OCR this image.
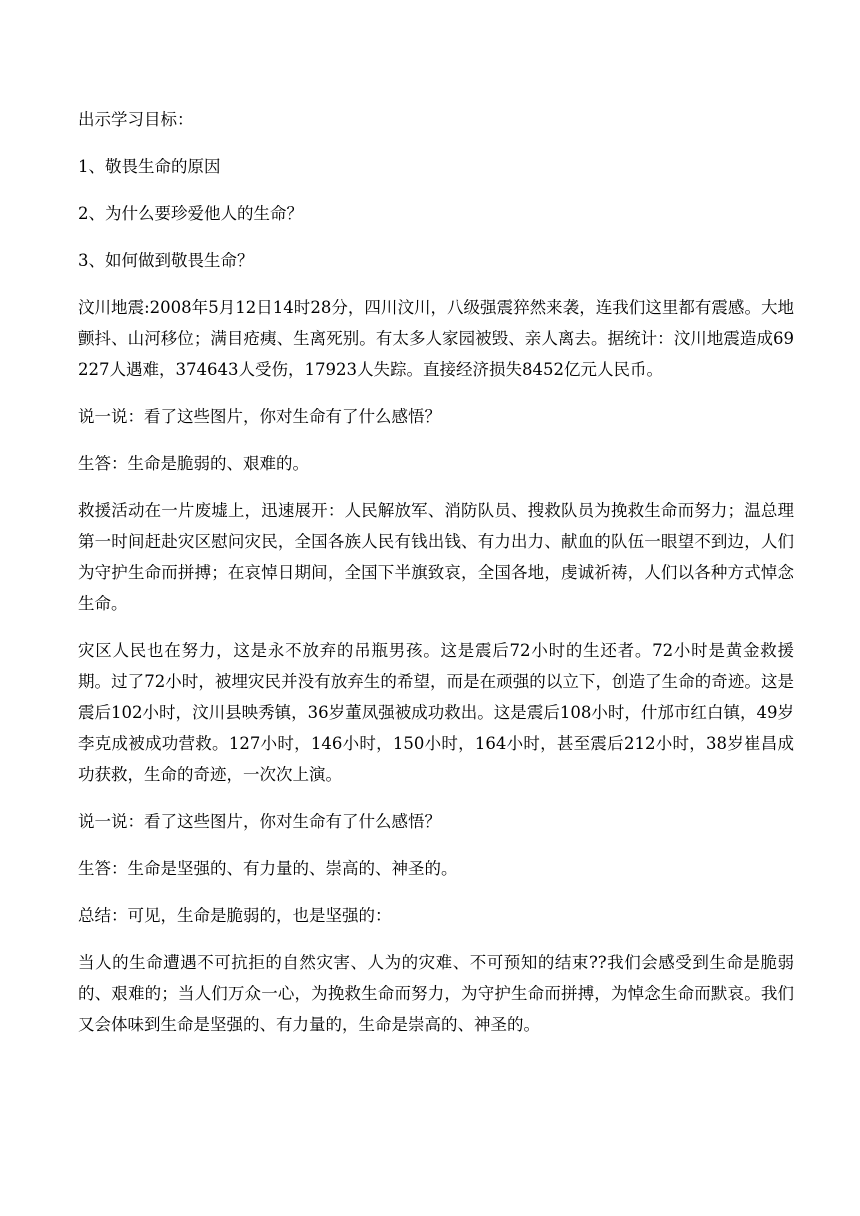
出示学习目标：

1、敬畏生命的原因

2、为什么要珍爱他人的生命？

3、如何做到敬畏生命？

汶川地震:2008年5月12日14时28分，四川汶川，八级强震猝然来袭，连我们这里都有震感。大地颤抖、山河移位；满目疮痍、生离死别。有太多人家园被毁、亲人离去。据统计：汶川地震造成69227人遇难，374643人受伤，17923人失踪。直接经济损失8452亿元人民币。

说一说：看了这些图片，你对生命有了什么感悟？

生答：生命是脆弱的、艰难的。

救援活动在一片废墟上，迅速展开：人民解放军、消防队员、搜救队员为挽救生命而努力；温总理第一时间赶赴灾区慰问灾民，全国各族人民有钱出钱、有力出力、献血的队伍一眼望不到边，人们为守护生命而拼搏；在哀悼日期间，全国下半旗致哀，全国各地，虔诚祈祷，人们以各种方式悼念生命。

灾区人民也在努力，这是永不放弃的吊瓶男孩。这是震后72小时的生还者。72小时是黄金救援期。过了72小时，被埋灾民并没有放弃生的希望，而是在顽强的以立下，创造了生命的奇迹。这是震后102小时，汶川县映秀镇，36岁董凤强被成功救出。这是震后108小时，什邡市红白镇，49岁李克成被成功营救。127小时，146小时，150小时，164小时，甚至震后212小时，38岁崔昌成功获救，生命的奇迹，一次次上演。

说一说：看了这些图片，你对生命有了什么感悟？

生答：生命是坚强的、有力量的、崇高的、神圣的。

总结：可见，生命是脆弱的，也是坚强的：

当人的生命遭遇不可抗拒的自然灾害、人为的灾难、不可预知的结束??我们会感受到生命是脆弱的、艰难的；当人们万众一心，为挽救生命而努力，为守护生命而拼搏，为悼念生命而默哀。我们又会体味到生命是坚强的、有力量的，生命是崇高的、神圣的。
